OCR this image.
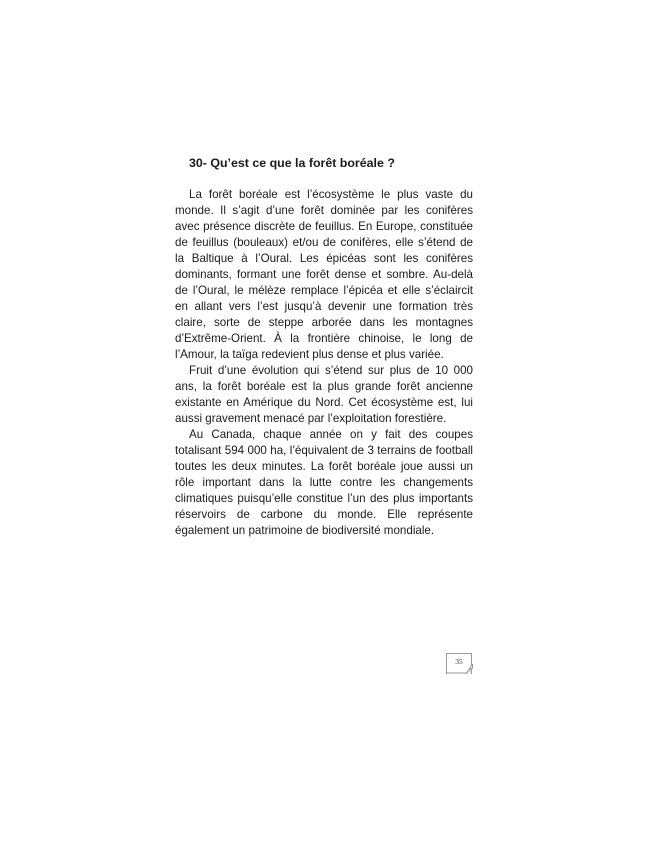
30- Qu’est ce que la forêt boréale ?

La forêt boréale est l’écosystème le plus vaste du monde. Il s’agit d’une forêt dominée par les conifères avec présence discrète de feuillus. En Europe, constituée de feuillus (bouleaux) et/ou de conifères, elle s’étend de la Baltique à l’Oural. Les épicéas sont les conifères dominants, formant une forêt dense et sombre. Au-delà de l’Oural, le mélèze remplace l’épicéa et elle s’éclaircit en allant vers l’est jusqu’à devenir une formation très claire, sorte de steppe arborée dans les montagnes d’Extrême-Orient. À la frontière chinoise, le long de l’Amour, la taïga redevient plus dense et plus variée.

Fruit d’une évolution qui s’étend sur plus de 10 000 ans, la forêt boréale est la plus grande forêt ancienne existante en Amérique du Nord. Cet écosystème est, lui aussi gravement menacé par l’exploitation forestière.

Au Canada, chaque année on y fait des coupes totalisant 594 000 ha, l’équivalent de 3 terrains de football toutes les deux minutes. La forêt boréale joue aussi un rôle important dans la lutte contre les changements climatiques puisqu’elle constitue l’un des plus importants réservoirs de carbone du monde. Elle représente également un patrimoine de biodiversité mondiale.

35
